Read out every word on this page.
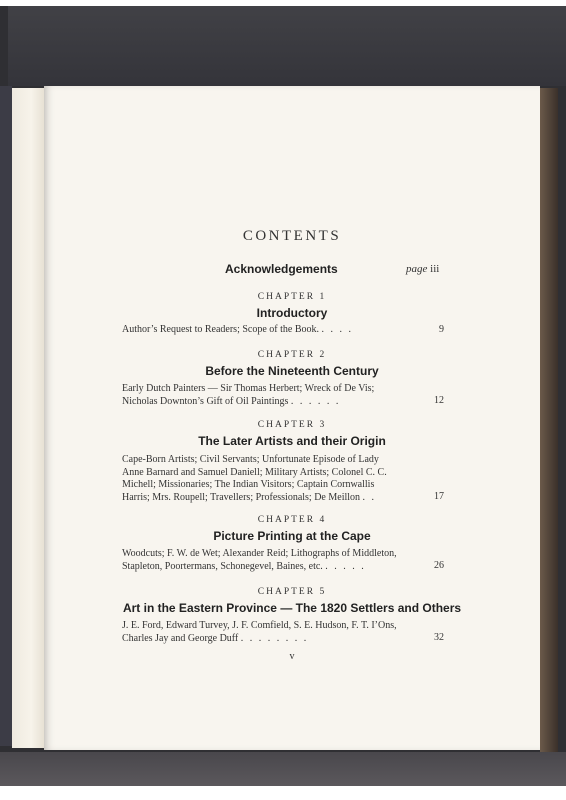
CONTENTS
Acknowledgements	page iii
CHAPTER 1
Introductory
Author’s Request to Readers; Scope of the Book. . . . .	9
CHAPTER 2
Before the Nineteenth Century
Early Dutch Painters — Sir Thomas Herbert; Wreck of De Vis;
Nicholas Downton’s Gift of Oil Paintings . . . . . .	12
CHAPTER 3
The Later Artists and their Origin
Cape-Born Artists; Civil Servants; Unfortunate Episode of Lady
Anne Barnard and Samuel Daniell; Military Artists; Colonel C. C.
Michell; Missionaries; The Indian Visitors; Captain Cornwallis
Harris; Mrs. Roupell; Travellers; Professionals; De Meillon . .	17
CHAPTER 4
Picture Printing at the Cape
Woodcuts; F. W. de Wet; Alexander Reid; Lithographs of Middleton,
Stapleton, Poortermans, Schonegevel, Baines, etc. . . . . .	26
CHAPTER 5
Art in the Eastern Province — The 1820 Settlers and Others
J. E. Ford, Edward Turvey, J. F. Comfield, S. E. Hudson, F. T. I’Ons,
Charles Jay and George Duff . . . . . . . .	32
v
